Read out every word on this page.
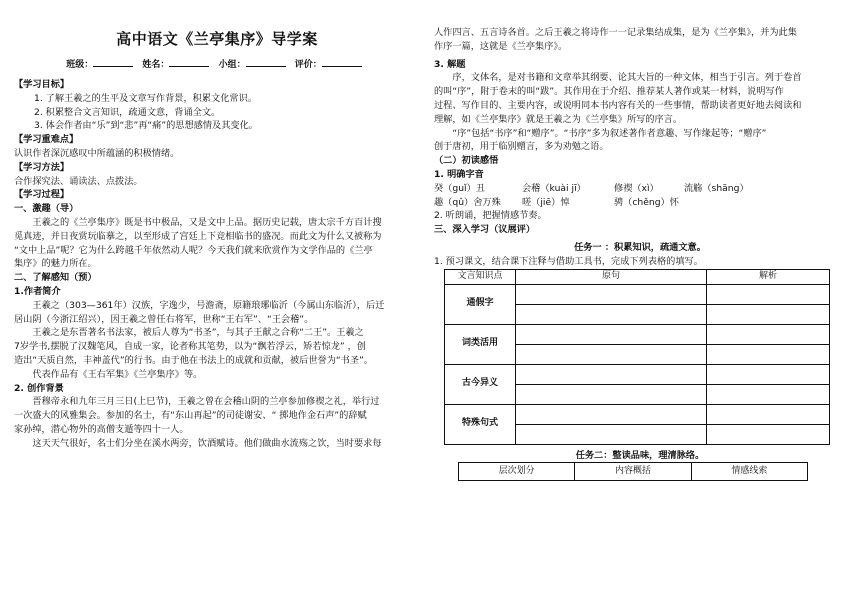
高中语文《兰亭集序》导学案
班级：	姓名：	小组：	评价：

【学习目标】

1. 了解王羲之的生平及文章写作背景，积累文化常识。

2. 积累整合文言知识，疏通文意，背诵全文。

3. 体会作者由“乐”到“悲”再“痛”的思想感情及其变化。

【学习重难点】

认识作者深沉感叹中所蕴涵的积极情绪。

【学习方法】

合作探究法、诵读法、点拨法。

【学习过程】

一、激趣（导）

王羲之的《兰亭集序》既是书中极品，又是文中上品。据历史记载，唐太宗千方百计搜

觅真迹，并日夜赏玩临摹之，以至形成了宫廷上下竞相临书的盛况。而此文为什么又被称为

“文中上品”呢？它为什么跨越千年依然动人呢？今天我们就来欣赏作为文学作品的《兰亭

集序》的魅力所在。

二、了解感知（预）

1.作者简介

王羲之（303—361年）汉族，字逸少，号澹斋，原籍琅琊临沂（今属山东临沂），后迁

居山阴（今浙江绍兴），因王羲之曾任右将军，世称“王右军”、“王会稽”。

王羲之是东晋著名书法家，被后人尊为“书圣”，与其子王献之合称“二王”。王羲之

7岁学书,摆脱了汉魏笔风，自成一家，论者称其笔势，以为“飘若浮云，矫若惊龙” ，创

造出“天质自然，丰神盖代”的行书。由于他在书法上的成就和贡献，被后世誉为“书圣”。

代表作品有《王右军集》《兰亭集序》等。

2. 创作背景

晋穆帝永和九年三月三日(上巳节)，王羲之曾在会稽山阴的兰亭参加修禊之礼，举行过

一次盛大的风雅集会。参加的名士，有“东山再起”的司徒谢安、“ 掷地作金石声”的辞赋

家孙绰，潜心物外的高僧支遁等四十一人。

这天天气很好，名士们分坐在溪水两旁，饮酒赋诗。他们做曲水流殇之饮，当时要求每

人作四言、五言诗各首。之后王羲之将诗作一一记录集结成集，是为《兰亭集》，并为此集

作序一篇，这就是《兰亭集序》。

3. 解题

序，文体名，是对书籍和文章举其纲要、论其大旨的一种文体，相当于引言。列于卷首

的叫“序”，附于卷末的叫“跋”。其作用在于介绍、推荐某人著作或某一材料，说明写作

过程、写作目的、主要内容，或说明同本书内容有关的一些事情，帮助读者更好地去阅读和

理解，如《兰亭集序》就是王羲之为《兰亭集》所写的序言。

“序”包括“书序”和“赠序”。“书序”多为叙述著作者意趣、写作缘起等；“赠序”

创于唐初，用于临别赠言，多为劝勉之语。

（二）初读感悟

1. 明确字音

癸（guǐ）丑	会稽（kuài jī）	修禊（xì）	流觞（shāng）
趣（qǔ）舍万殊	嗟（jiē）悼	骋（chěng）怀

2. 听朗诵，把握情感节奏。

三、深入学习（议展评）

任务一 ：积累知识，疏通文意。

1. 预习课文，结合课下注释与借助工具书，完成下列表格的填写。

文言知识点	原句	解析
通假字		

词类活用		

古今异义		

特殊句式		

任务二：整读品味，理清脉络。

层次划分	内容概括	情感线索
